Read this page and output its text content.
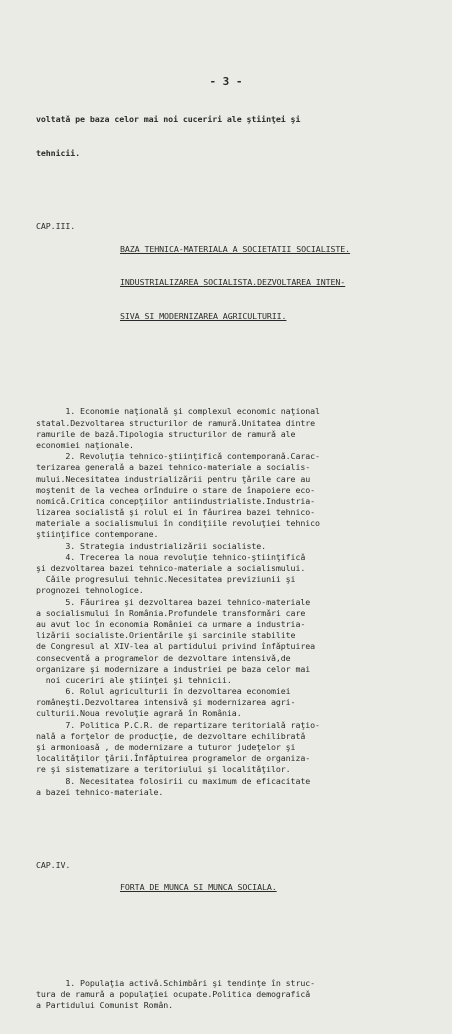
- 3 -

voltatǎ pe baza celor mai noi cuceriri ale ştiinţei şi

tehnicii.

CAP.III.

BAZA TEHNICA-MATERIALA A SOCIETATII SOCIALISTE.

INDUSTRIALIZAREA SOCIALISTA.DEZVOLTAREA INTEN-

SIVA SI MODERNIZAREA AGRICULTURII.

1. Economie naţionalǎ şi complexul economic naţional
statal.Dezvoltarea structurilor de ramurǎ.Unitatea dintre
ramurile de bazǎ.Tipologia structurilor de ramurǎ ale
economiei naţionale.
2. Revoluţia tehnico-ştiinţificǎ contemporanǎ.Carac-
terizarea generalǎ a bazei tehnico-materiale a socialis-
mului.Necesitatea industrializǎrii pentru ţǎrile care au
moştenit de la vechea orînduire o stare de înapoiere eco-
nomicǎ.Critica concepţiilor antiindustrialiste.Industria-
lizarea socialistǎ şi rolul ei în fǎurirea bazei tehnico-
materiale a socialismului în condiţiile revoluţiei tehnico
ştiinţifice contemporane.
3. Strategia industrializǎrii socialiste.
4. Trecerea la noua revoluţie tehnico-ştiinţificǎ
şi dezvoltarea bazei tehnico-materiale a socialismului.
Cǎile progresului tehnic.Necesitatea previziunii şi
prognozei tehnologice.
5. Fǎurirea şi dezvoltarea bazei tehnico-materiale
a socialismului în România.Profundele transformǎri care
au avut loc în economia României ca urmare a industria-
lizǎrii socialiste.Orientǎrile şi sarcinile stabilite
de Congresul al XIV-lea al partidului privind înfǎptuirea
consecventǎ a programelor de dezvoltare intensivǎ,de
organizare şi modernizare a industriei pe baza celor mai
noi cuceriri ale ştiinţei şi tehnicii.
6. Rolul agriculturii în dezvoltarea economiei
româneşti.Dezvoltarea intensivǎ şi modernizarea agri-
culturii.Noua revoluţie agrarǎ în România.
7. Politica P.C.R. de repartizare teritorialǎ raţio-
nalǎ a forţelor de producţie, de dezvoltare echilibratǎ
şi armonioasǎ , de modernizare a tuturor judeţelor şi
localitǎţilor ţǎrii.Înfǎptuirea programelor de organiza-
re şi sistematizare a teritoriului şi localitǎţilor.
8. Necesitatea folosirii cu maximum de eficacitate
a bazei tehnico-materiale.

CAP.IV.

FORTA DE MUNCA SI MUNCA SOCIALA.

1. Populaţia activǎ.Schimbǎri şi tendinţe în struc-
tura de ramurǎ a populaţiei ocupate.Politica demograficǎ
a Partidului Comunist Român.
